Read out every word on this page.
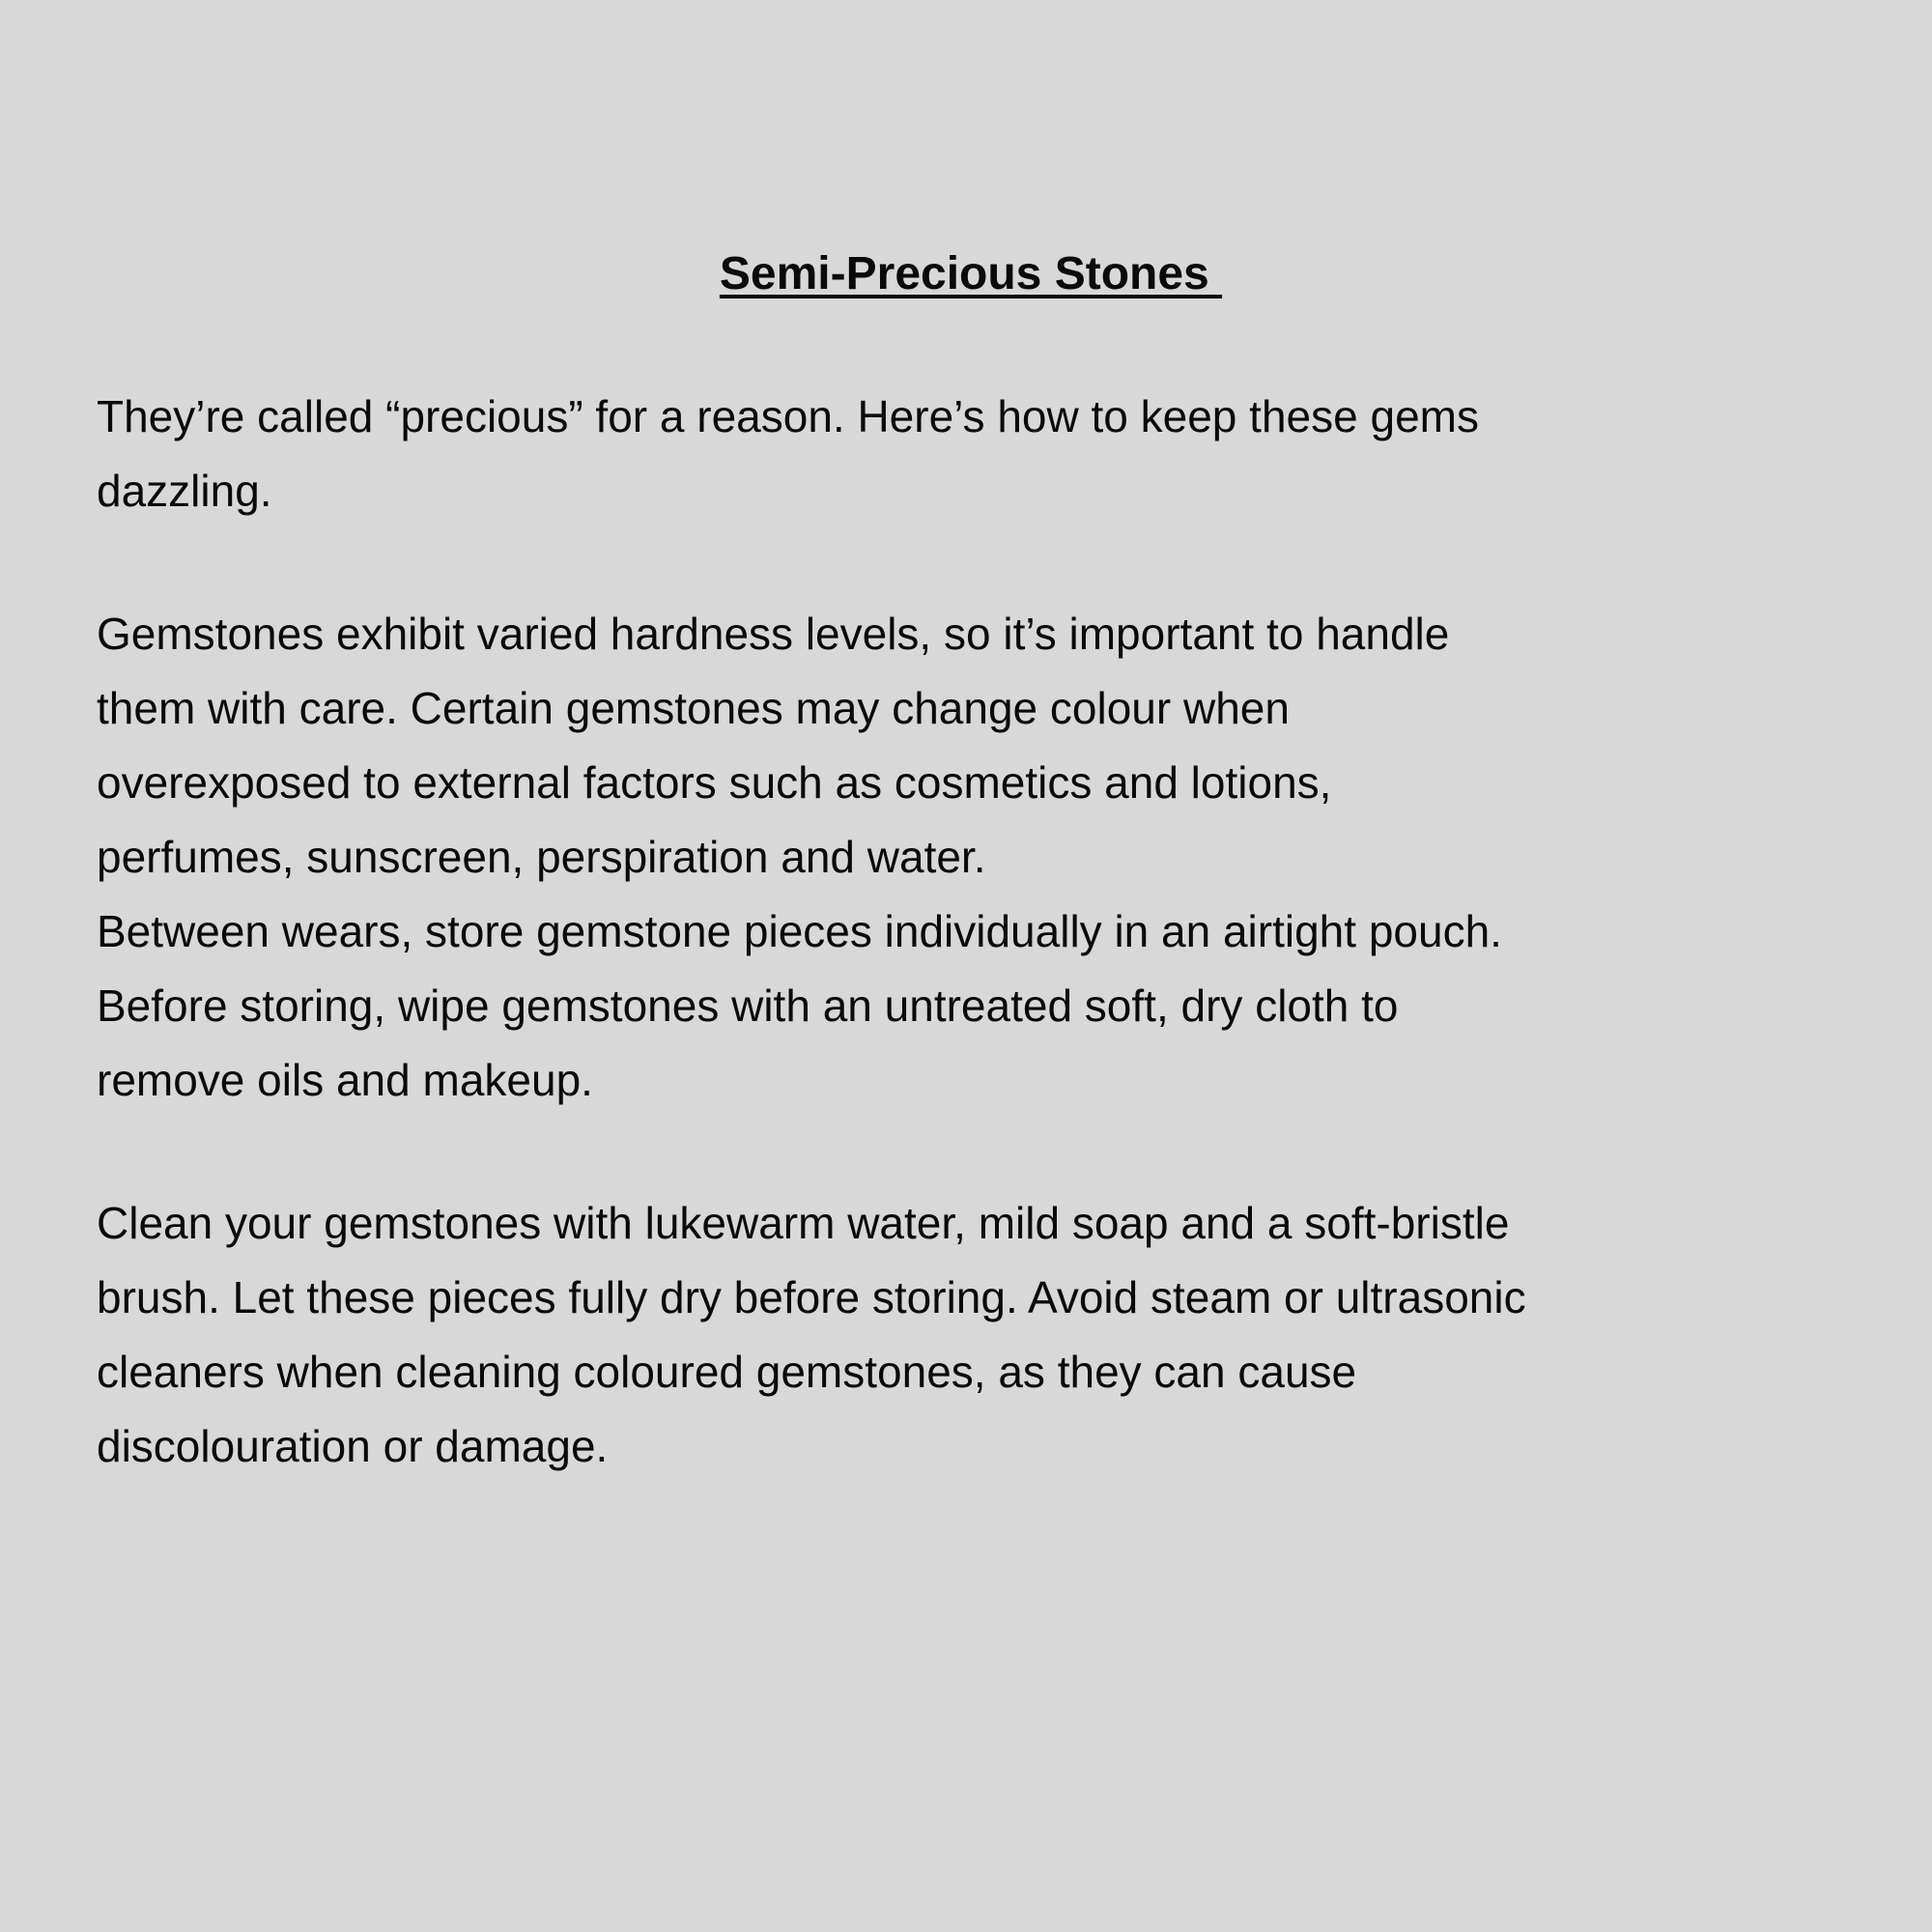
Semi-Precious Stones
They’re called “precious” for a reason. Here’s how to keep these gems
dazzling.
Gemstones exhibit varied hardness levels, so it’s important to handle
them with care. Certain gemstones may change colour when
overexposed to external factors such as cosmetics and lotions,
perfumes, sunscreen, perspiration and water.
Between wears, store gemstone pieces individually in an airtight pouch.
Before storing, wipe gemstones with an untreated soft, dry cloth to
remove oils and makeup.
Clean your gemstones with lukewarm water, mild soap and a soft-bristle
brush. Let these pieces fully dry before storing. Avoid steam or ultrasonic
cleaners when cleaning coloured gemstones, as they can cause
discolouration or damage.
